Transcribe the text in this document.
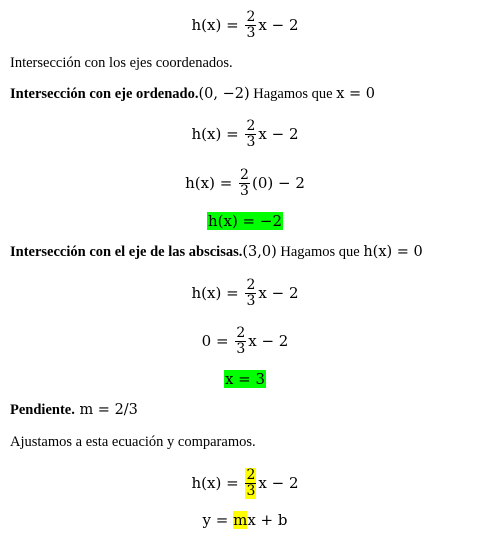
$h(x) = \frac{2}{3}$ x − 2
Intersección con los ejes coordenados.
Intersección con eje ordenado.(0, −2) Hagamos que x = 0
$h(x) = \frac{2}{3}$ x − 2
$h(x) = \frac{2}{3} (0) - 2$
h(x) = −2
Intersección con el eje de las abscisas.(3,0) Hagamos que h(x) = 0
$h(x) = \frac{2}{3}$ x − 2
$0 = \frac{2}{3}$ x − 2
x = 3
Pendiente. m = 2/3
Ajustamos a esta ecuación y comparamos.
$h(x) = \frac{2}{3}$ x − 2
y = m x + b
